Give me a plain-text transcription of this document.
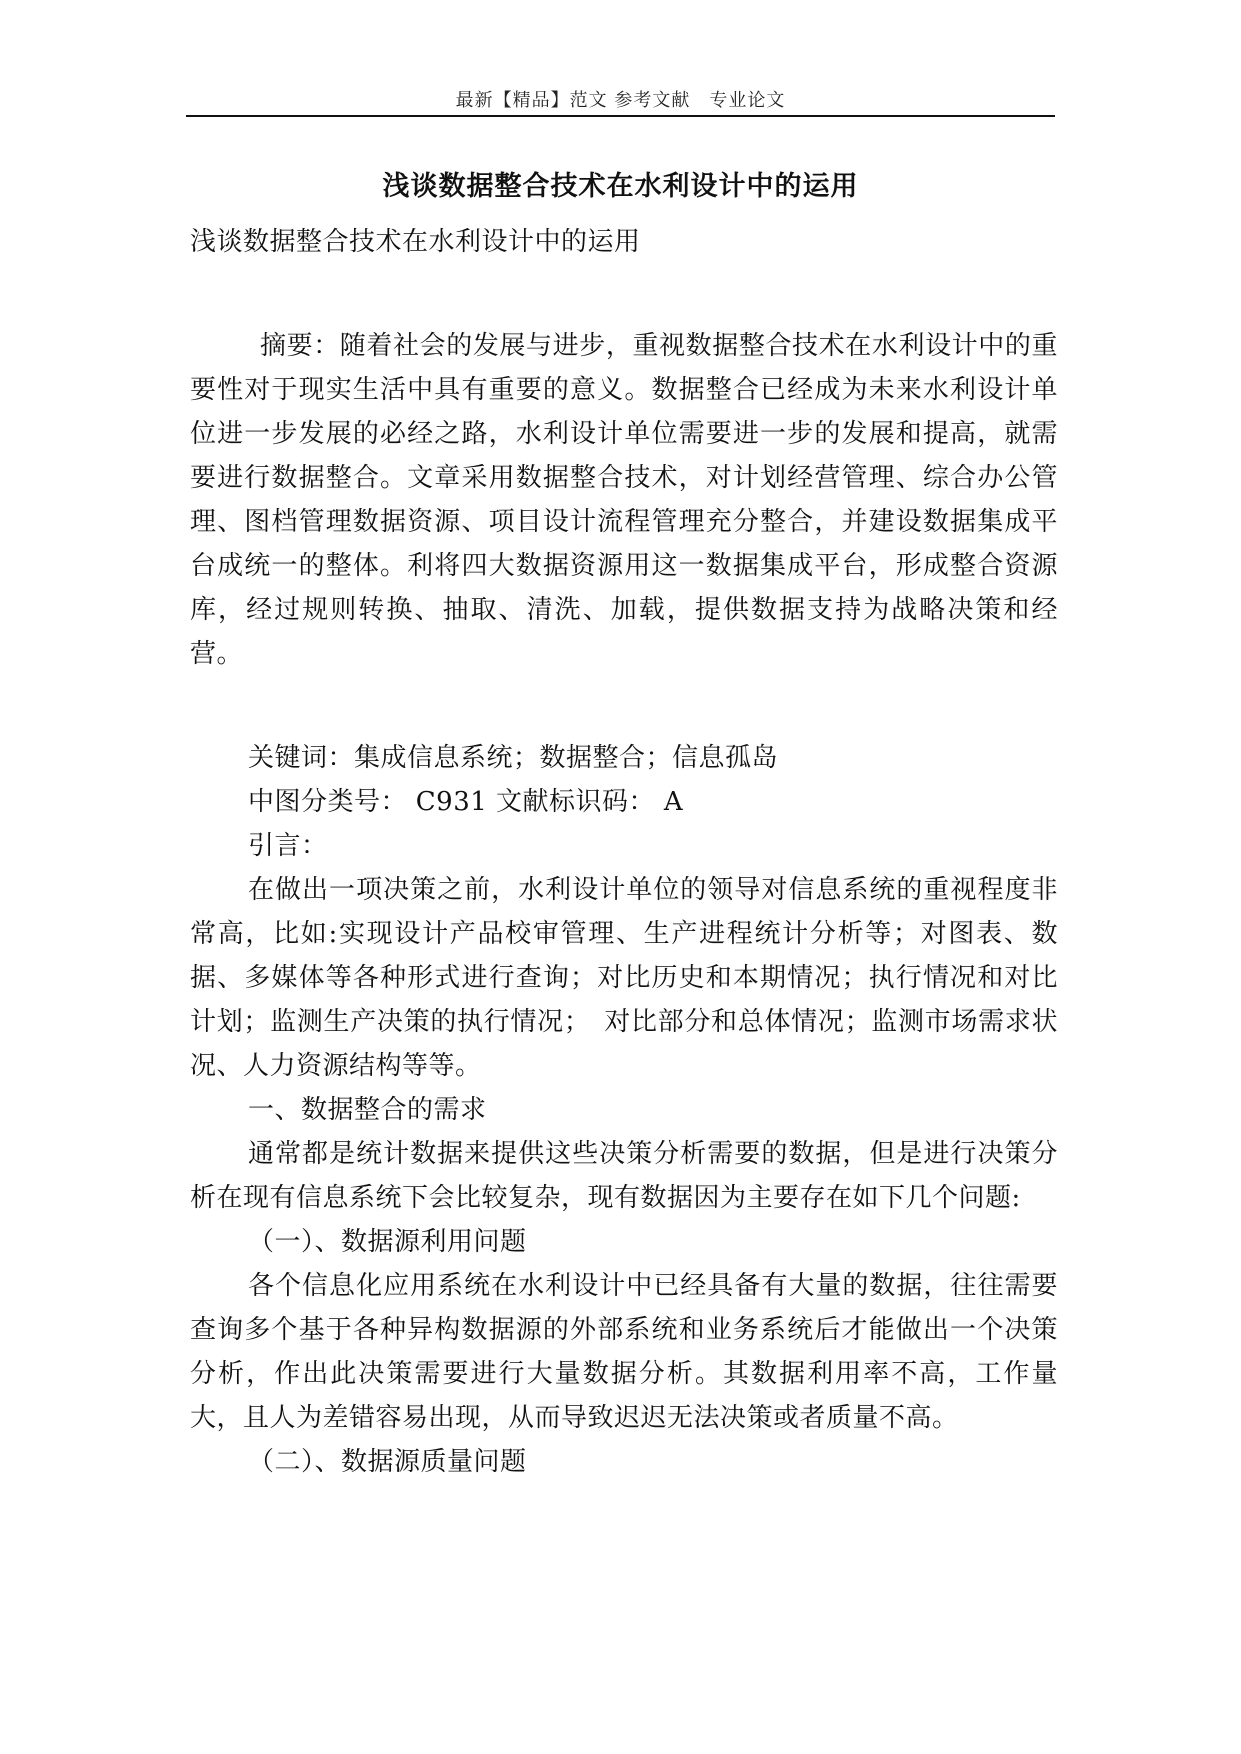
最新【精品】范文 参考文献　专业论文
浅谈数据整合技术在水利设计中的运用

浅谈数据整合技术在水利设计中的运用

摘要：随着社会的发展与进步，重视数据整合技术在水利设计中的重要性对于现实生活中具有重要的意义。数据整合已经成为未来水利设计单位进一步发展的必经之路，水利设计单位需要进一步的发展和提高，就需要进行数据整合。文章采用数据整合技术，对计划经营管理、综合办公管理、图档管理数据资源、项目设计流程管理充分整合，并建设数据集成平台成统一的整体。利将四大数据资源用这一数据集成平台，形成整合资源库，经过规则转换、抽取、清洗、加载，提供数据支持为战略决策和经营。

关键词：集成信息系统；数据整合；信息孤岛

中图分类号： C931 文献标识码： A

引言：

在做出一项决策之前，水利设计单位的领导对信息系统的重视程度非常高，比如:实现设计产品校审管理、生产进程统计分析等；对图表、数据、多媒体等各种形式进行查询；对比历史和本期情况；执行情况和对比计划；监测生产决策的执行情况；　对比部分和总体情况；监测市场需求状况、人力资源结构等等。

一、数据整合的需求

通常都是统计数据来提供这些决策分析需要的数据，但是进行决策分析在现有信息系统下会比较复杂，现有数据因为主要存在如下几个问题:

（一）、数据源利用问题

各个信息化应用系统在水利设计中已经具备有大量的数据，往往需要查询多个基于各种异构数据源的外部系统和业务系统后才能做出一个决策分析，作出此决策需要进行大量数据分析。其数据利用率不高，工作量大，且人为差错容易出现，从而导致迟迟无法决策或者质量不高。

（二）、数据源质量问题
